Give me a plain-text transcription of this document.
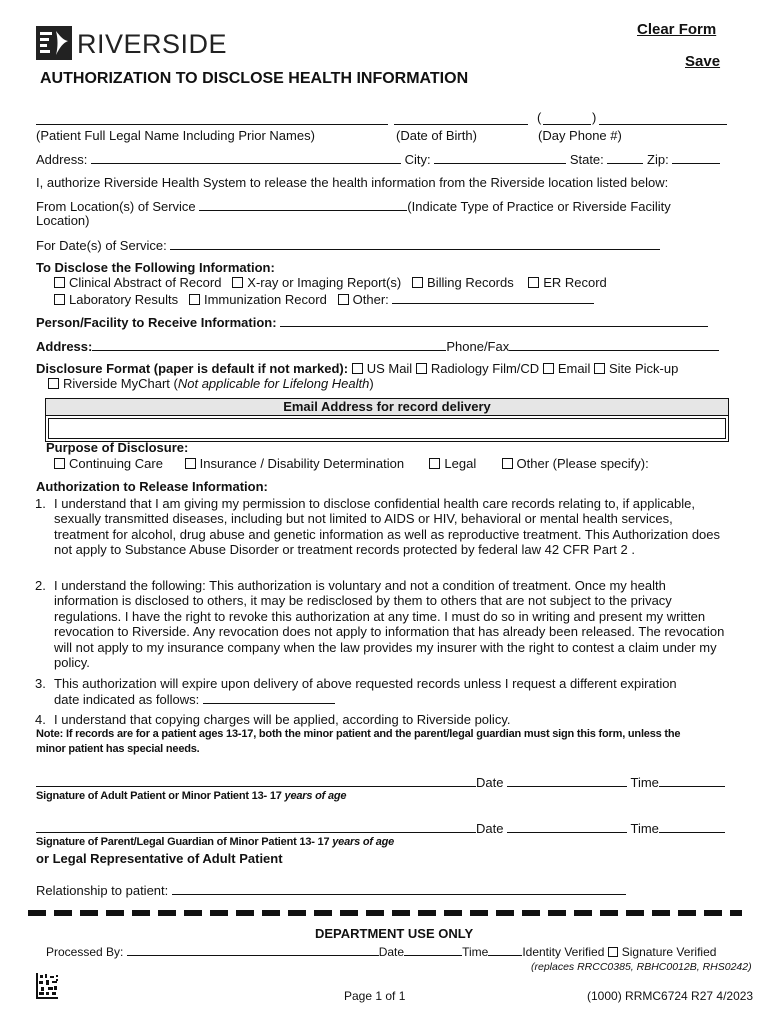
RIVERSIDE	Clear Form
Save
AUTHORIZATION TO DISCLOSE HEALTH INFORMATION
(	)
(Patient Full Legal Name Including Prior Names)	(Date of Birth)	(Day Phone #)
Address:	City:	State:	Zip:
I, authorize Riverside Health System to release the health information from the Riverside location listed below:
From Location(s) of Service	(Indicate Type of Practice or Riverside Facility
Location)
For Date(s) of Service:
To Disclose the Following Information:
Clinical Abstract of Record X-ray or Imaging Report(s) Billing Records ER Record
Laboratory Results Immunization Record Other:
Person/Facility to Receive Information:
Address:	Phone/Fax
Disclosure Format (paper is default if not marked): US Mail Radiology Film/CD Email Site Pick-up
Riverside MyChart (Not applicable for Lifelong Health)
Email Address for record delivery
Purpose of Disclosure:
Continuing Care	Insurance / Disability Determination	Legal	Other (Please specify):
Authorization to Release Information:
1. I understand that I am giving my permission to disclose confidential health care records relating to, if applicable, sexually transmitted diseases, including but not limited to AIDS or HIV, behavioral or mental health services, treatment for alcohol, drug abuse and genetic information as well as reproductive treatment. This Authorization does not apply to Substance Abuse Disorder or treatment records protected by federal law 42 CFR Part 2 .
2. I understand the following: This authorization is voluntary and not a condition of treatment. Once my health information is disclosed to others, it may be redisclosed by them to others that are not subject to the privacy regulations. I have the right to revoke this authorization at any time. I must do so in writing and present my written revocation to Riverside. Any revocation does not apply to information that has already been released. The revocation will not apply to my insurance company when the law provides my insurer with the right to contest a claim under my policy.
3. This authorization will expire upon delivery of above requested records unless I request a different expiration
date indicated as follows:
4. I understand that copying charges will be applied, according to Riverside policy.
Note: If records are for a patient ages 13-17, both the minor patient and the parent/legal guardian must sign this form, unless the
minor patient has special needs.
Date	Time
Signature of Adult Patient or Minor Patient 13- 17 years of age
Date	Time
Signature of Parent/Legal Guardian of Minor Patient 13- 17 years of age
or Legal Representative of Adult Patient
Relationship to patient:
DEPARTMENT USE ONLY
Processed By:	Date	Time	Identity Verified Signature Verified
(replaces RRCC0385, RBHC0012B, RHS0242)
Page 1 of 1	(1000) RRMC6724 R27 4/2023
